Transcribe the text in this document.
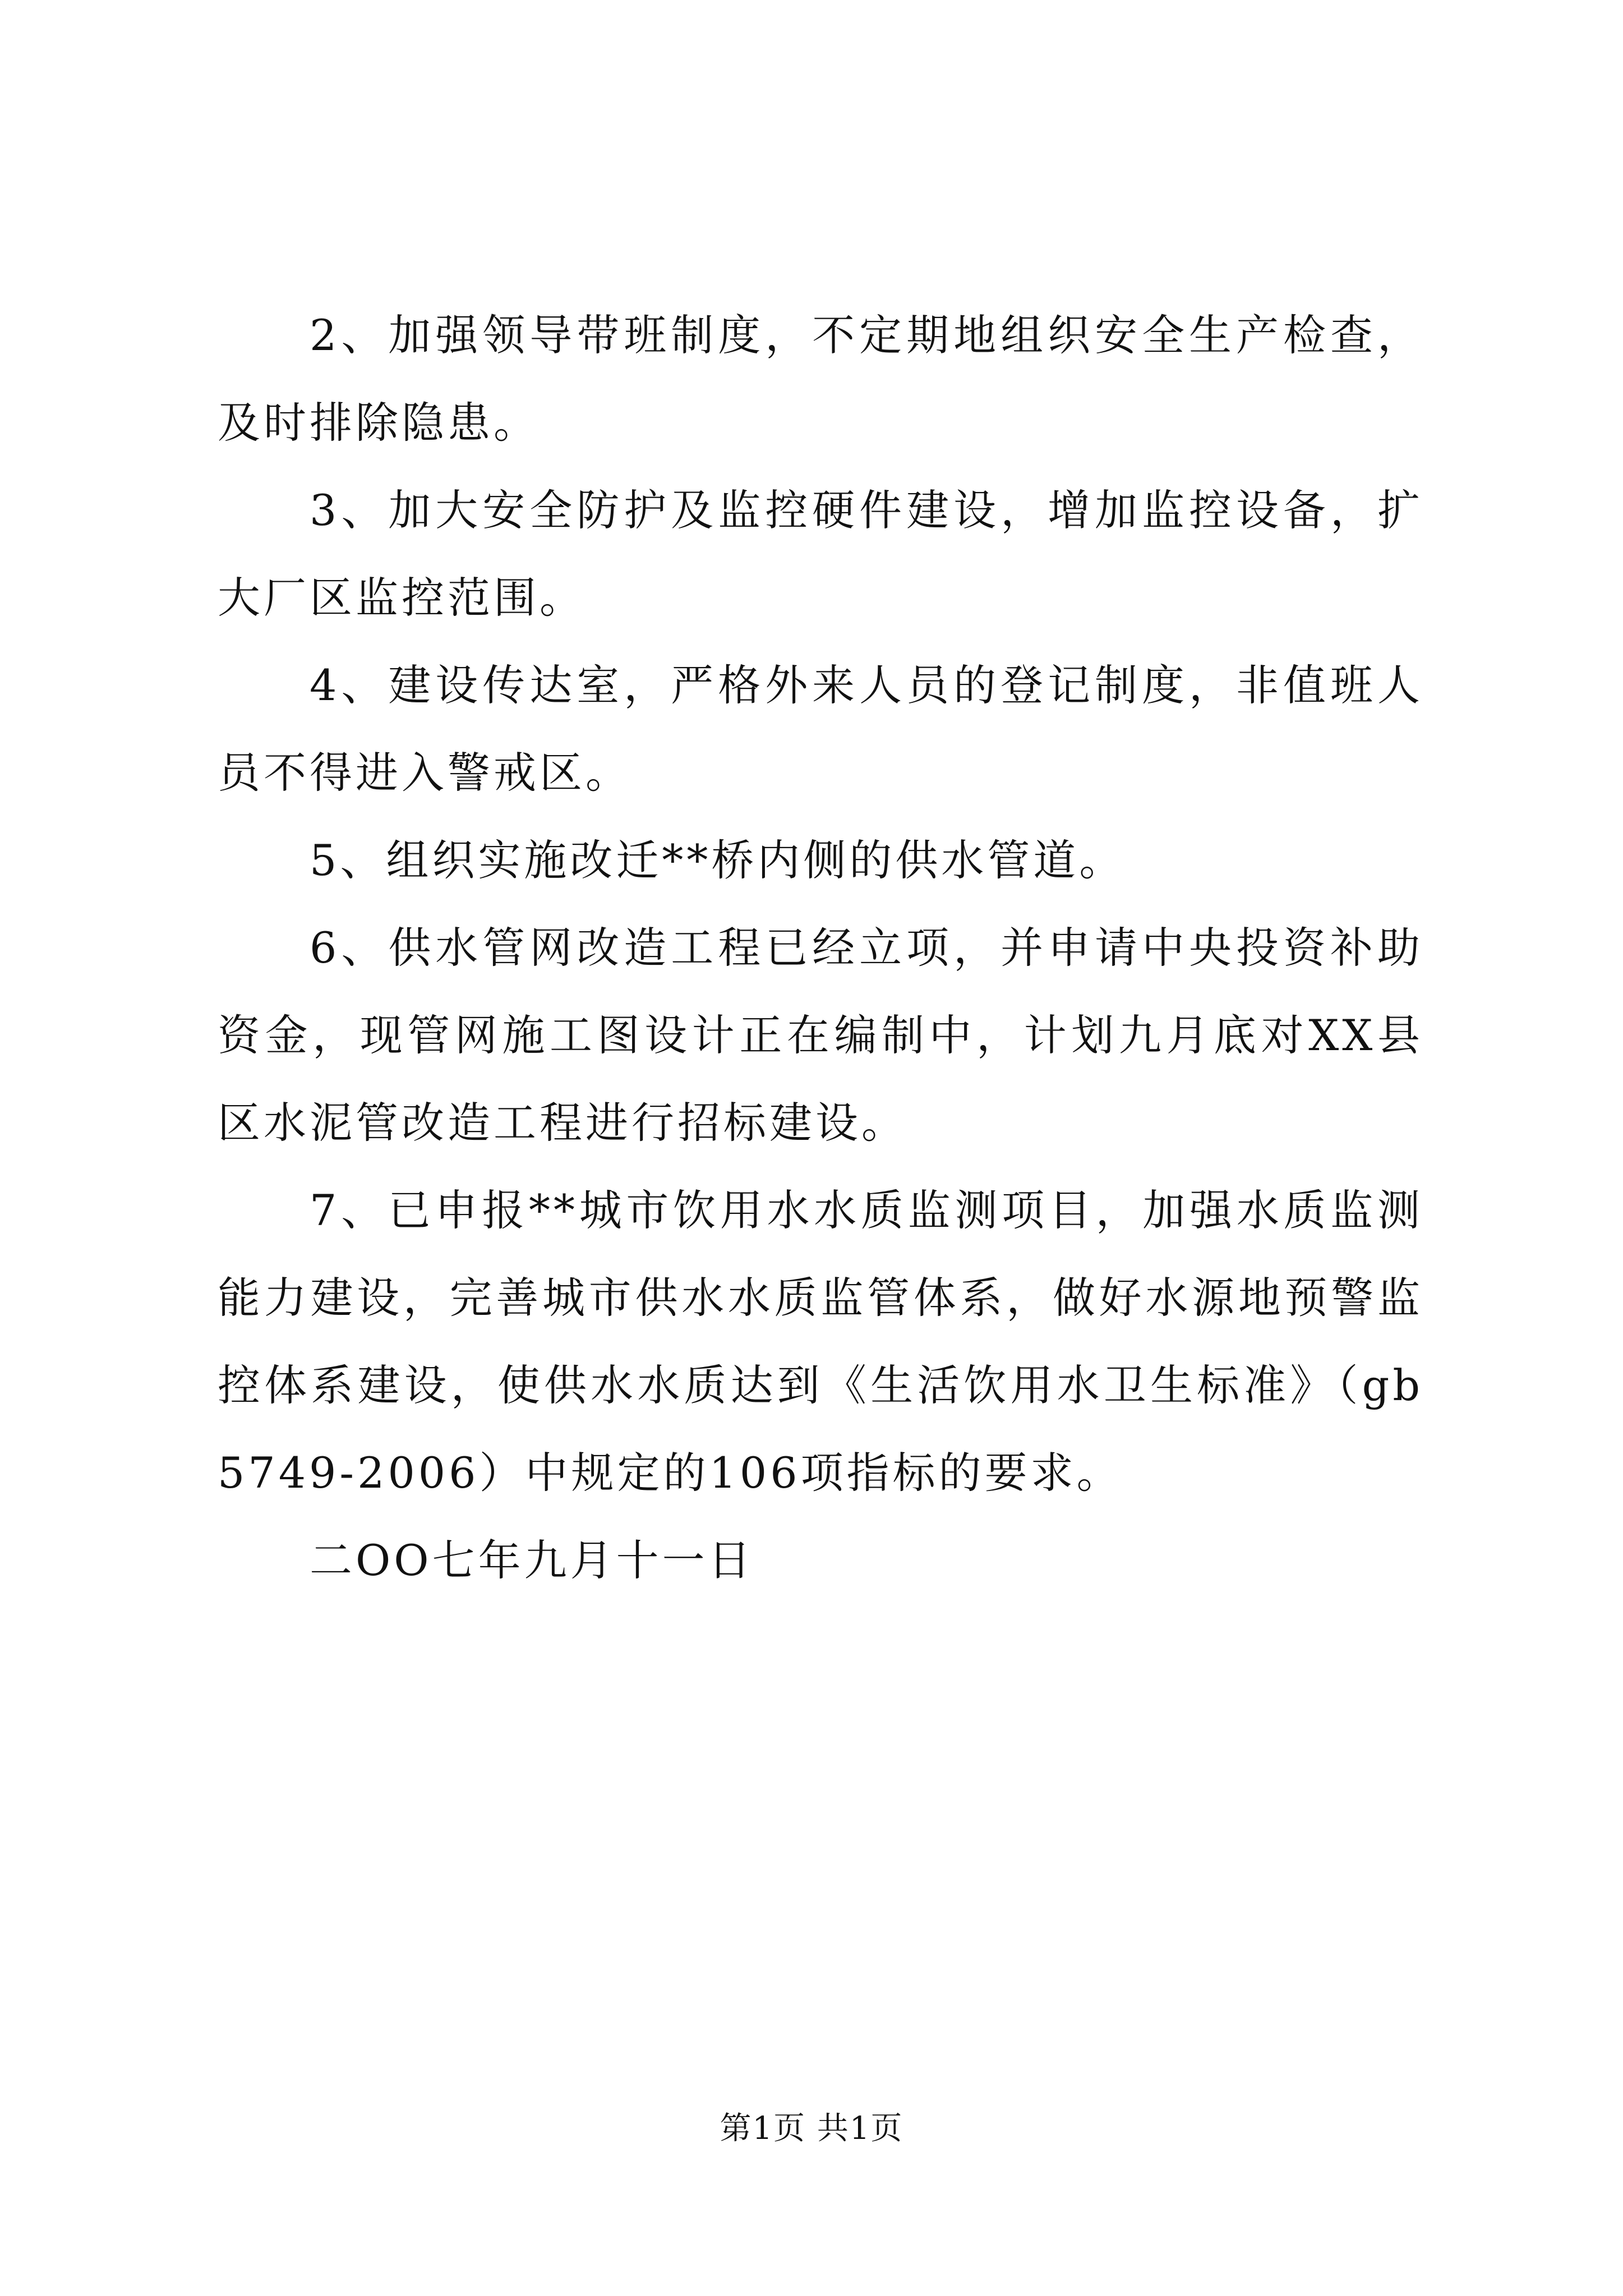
2、加强领导带班制度，不定期地组织安全生产检查，及时排除隐患。

3、加大安全防护及监控硬件建设，增加监控设备，扩大厂区监控范围。

4、建设传达室，严格外来人员的登记制度，非值班人员不得进入警戒区。

5、组织实施改迁**桥内侧的供水管道。

6、供水管网改造工程已经立项，并申请中央投资补助资金，现管网施工图设计正在编制中，计划九月底对XX县区水泥管改造工程进行招标建设。

7、已申报**城市饮用水水质监测项目，加强水质监测能力建设，完善城市供水水质监管体系，做好水源地预警监控体系建设，使供水水质达到《生活饮用水卫生标准》（gb5749-2006）中规定的106项指标的要求。

二OO七年九月十一日

第1页 共1页
